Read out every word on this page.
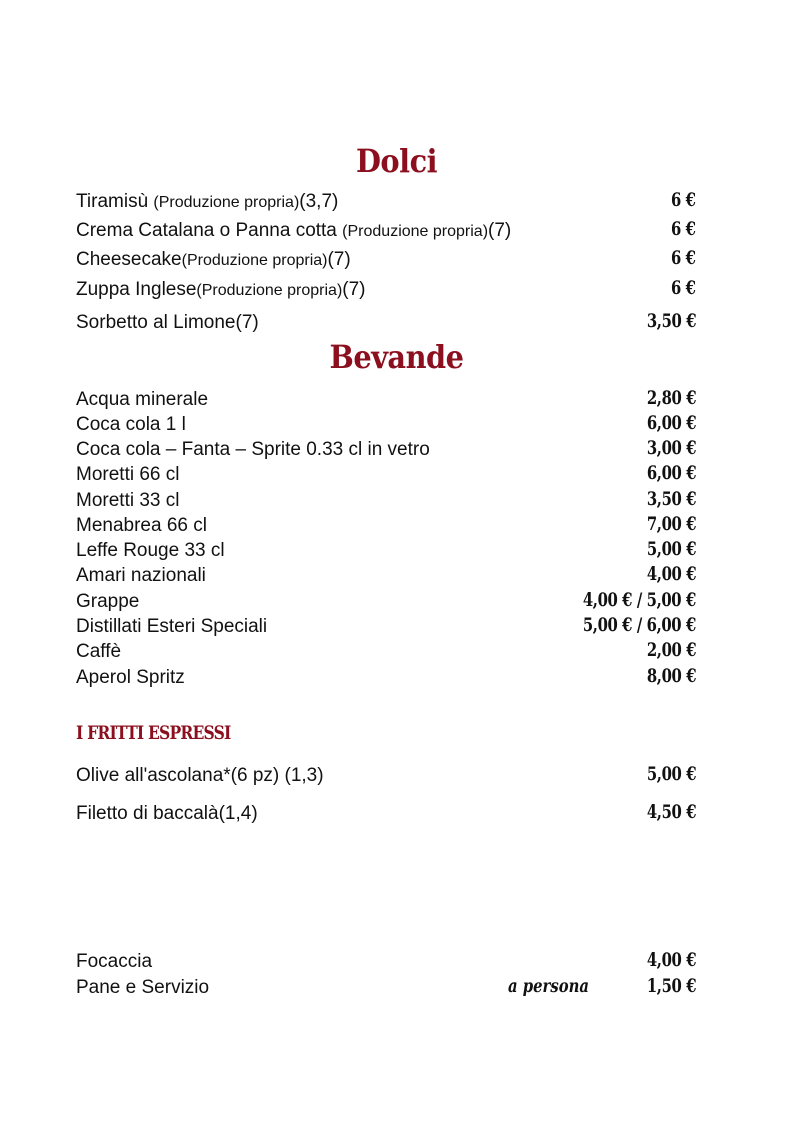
Dolci
Tiramisù (Produzione propria)(3,7)	6 €
Crema Catalana o Panna cotta (Produzione propria)(7)	6 €
Cheesecake(Produzione propria)(7)	6 €
Zuppa Inglese(Produzione propria)(7)	6 €
Sorbetto al Limone(7)	3,50 €
Bevande
Acqua minerale	2,80 €
Coca cola 1 l	6,00 €
Coca cola – Fanta – Sprite 0.33 cl in vetro	3,00 €
Moretti 66 cl	6,00 €
Moretti 33 cl	3,50 €
Menabrea 66 cl	7,00 €
Leffe Rouge 33 cl	5,00 €
Amari nazionali	4,00 €
Grappe	4,00 € / 5,00 €
Distillati Esteri Speciali	5,00 € / 6,00 €
Caffè	2,00 €
Aperol Spritz	8,00 €
I FRITTI ESPRESSI
Olive all'ascolana*(6 pz) (1,3)	5,00 €
Filetto di baccalà(1,4)	4,50 €
Focaccia	4,00 €
Pane e Servizio	a persona	1,50 €
